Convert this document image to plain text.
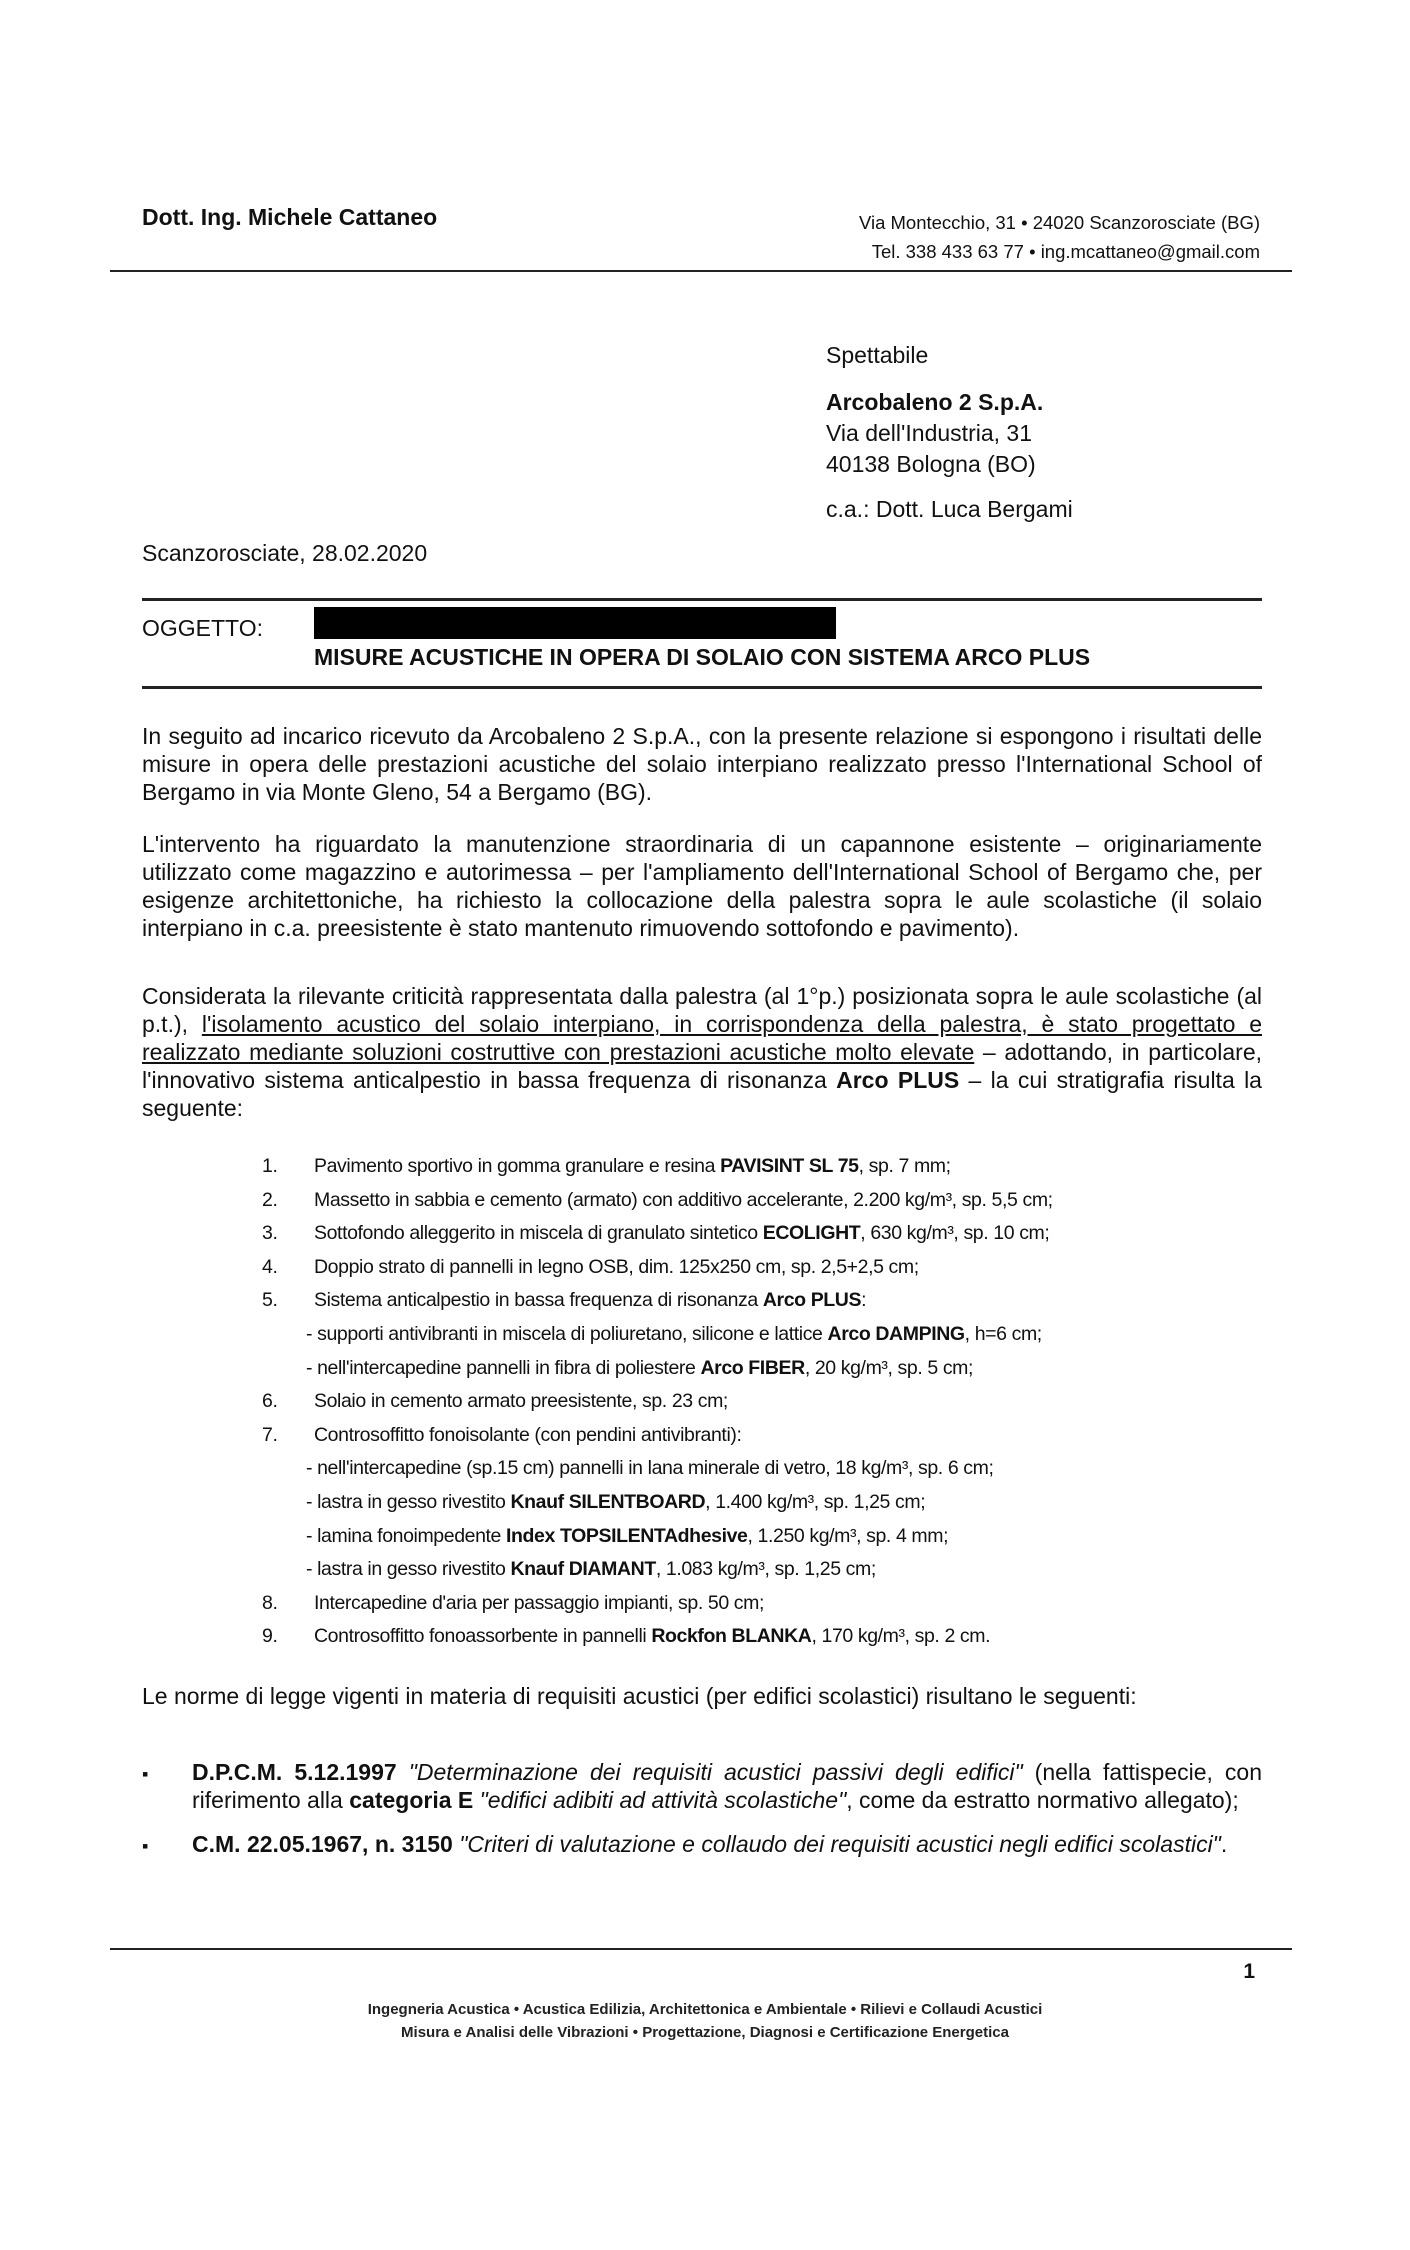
Dott. Ing. Michele Cattaneo	Via Montecchio, 31 • 24020 Scanzorosciate (BG)
Tel. 338 433 63 77 • ing.mcattaneo@gmail.com
Spettabile
Arcobaleno 2 S.p.A.
Via dell'Industria, 31
40138 Bologna (BO)
c.a.: Dott. Luca Bergami
Scanzorosciate, 28.02.2020
OGGETTO:
MISURE ACUSTICHE IN OPERA DI SOLAIO CON SISTEMA ARCO PLUS
In seguito ad incarico ricevuto da Arcobaleno 2 S.p.A., con la presente relazione si espongono i risultati delle misure in opera delle prestazioni acustiche del solaio interpiano realizzato presso l'International School of Bergamo in via Monte Gleno, 54 a Bergamo (BG).
L'intervento ha riguardato la manutenzione straordinaria di un capannone esistente – originariamente utilizzato come magazzino e autorimessa – per l'ampliamento dell'International School of Bergamo che, per esigenze architettoniche, ha richiesto la collocazione della palestra sopra le aule scolastiche (il solaio interpiano in c.a. preesistente è stato mantenuto rimuovendo sottofondo e pavimento).
Considerata la rilevante criticità rappresentata dalla palestra (al 1°p.) posizionata sopra le aule scolastiche (al p.t.), l'isolamento acustico del solaio interpiano, in corrispondenza della palestra, è stato progettato e realizzato mediante soluzioni costruttive con prestazioni acustiche molto elevate – adottando, in particolare, l'innovativo sistema anticalpestio in bassa frequenza di risonanza Arco PLUS – la cui stratigrafia risulta la seguente:
1.	Pavimento sportivo in gomma granulare e resina PAVISINT SL 75, sp. 7 mm;
2.	Massetto in sabbia e cemento (armato) con additivo accelerante, 2.200 kg/m³, sp. 5,5 cm;
3.	Sottofondo alleggerito in miscela di granulato sintetico ECOLIGHT, 630 kg/m³, sp. 10 cm;
4.	Doppio strato di pannelli in legno OSB, dim. 125x250 cm, sp. 2,5+2,5 cm;
5.	Sistema anticalpestio in bassa frequenza di risonanza Arco PLUS:
- supporti antivibranti in miscela di poliuretano, silicone e lattice Arco DAMPING, h=6 cm;
- nell'intercapedine pannelli in fibra di poliestere Arco FIBER, 20 kg/m³, sp. 5 cm;
6.	Solaio in cemento armato preesistente, sp. 23 cm;
7.	Controsoffitto fonoisolante (con pendini antivibranti):
- nell'intercapedine (sp.15 cm) pannelli in lana minerale di vetro, 18 kg/m³, sp. 6 cm;
- lastra in gesso rivestito Knauf SILENTBOARD, 1.400 kg/m³, sp. 1,25 cm;
- lamina fonoimpedente Index TOPSILENTAdhesive, 1.250 kg/m³, sp. 4 mm;
- lastra in gesso rivestito Knauf DIAMANT, 1.083 kg/m³, sp. 1,25 cm;
8.	Intercapedine d'aria per passaggio impianti, sp. 50 cm;
9.	Controsoffitto fonoassorbente in pannelli Rockfon BLANKA, 170 kg/m³, sp. 2 cm.
Le norme di legge vigenti in materia di requisiti acustici (per edifici scolastici) risultano le seguenti:
▪	D.P.C.M. 5.12.1997 "Determinazione dei requisiti acustici passivi degli edifici" (nella fattispecie, con riferimento alla categoria E "edifici adibiti ad attività scolastiche", come da estratto normativo allegato);
▪	C.M. 22.05.1967, n. 3150 "Criteri di valutazione e collaudo dei requisiti acustici negli edifici scolastici".
1
Ingegneria Acustica • Acustica Edilizia, Architettonica e Ambientale • Rilievi e Collaudi Acustici
Misura e Analisi delle Vibrazioni • Progettazione, Diagnosi e Certificazione Energetica
